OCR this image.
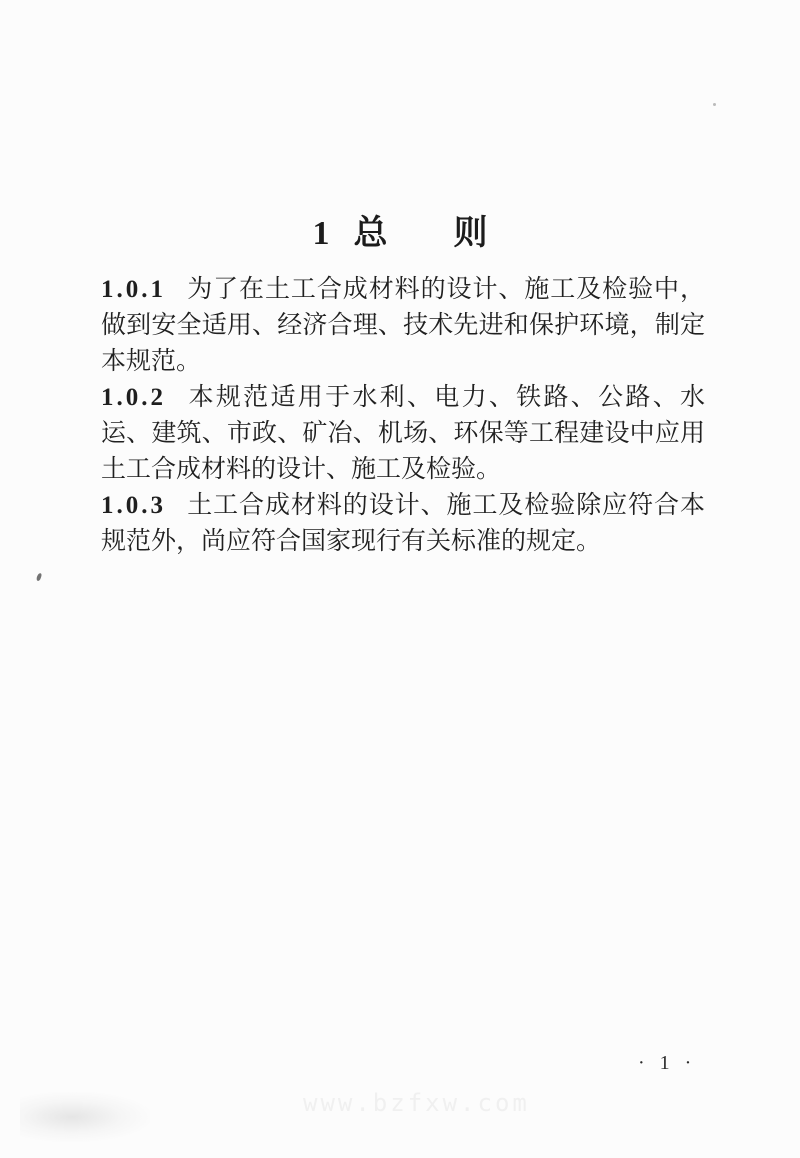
1 总 则

1.0.1 为了在土工合成材料的设计、施工及检验中，做到安全适用、经济合理、技术先进和保护环境，制定本规范。

1.0.2 本规范适用于水利、电力、铁路、公路、水运、建筑、市政、矿冶、机场、环保等工程建设中应用土工合成材料的设计、施工及检验。

1.0.3 土工合成材料的设计、施工及检验除应符合本规范外，尚应符合国家现行有关标准的规定。

· 1 ·
www.bzfxw.com
